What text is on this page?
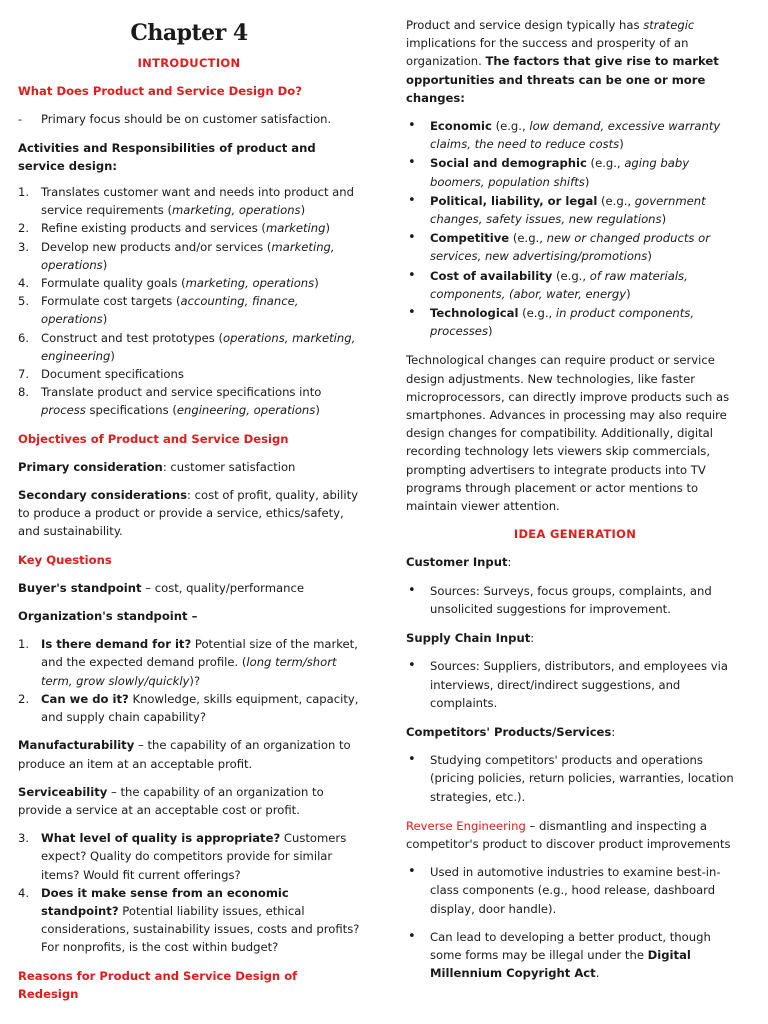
Chapter 4
INTRODUCTION

What Does Product and Service Design Do?

- Primary focus should be on customer satisfaction.

Activities and Responsibilities of product and service design:

1. Translates customer want and needs into product and service requirements (marketing, operations)
2. Refine existing products and services (marketing)
3. Develop new products and/or services (marketing, operations)
4. Formulate quality goals (marketing, operations)
5. Formulate cost targets (accounting, finance, operations)
6. Construct and test prototypes (operations, marketing, engineering)
7. Document specifications
8. Translate product and service specifications into process specifications (engineering, operations)

Objectives of Product and Service Design

Primary consideration: customer satisfaction

Secondary considerations: cost of profit, quality, ability to produce a product or provide a service, ethics/safety, and sustainability.

Key Questions

Buyer's standpoint – cost, quality/performance

Organization's standpoint –

1. Is there demand for it? Potential size of the market, and the expected demand profile. (long term/short term, grow slowly/quickly)?
2. Can we do it? Knowledge, skills equipment, capacity, and supply chain capability?

Manufacturability – the capability of an organization to produce an item at an acceptable profit.

Serviceability – the capability of an organization to provide a service at an acceptable cost or profit.

3. What level of quality is appropriate? Customers expect? Quality do competitors provide for similar items? Would fit current offerings?
4. Does it make sense from an economic standpoint? Potential liability issues, ethical considerations, sustainability issues, costs and profits? For nonprofits, is the cost within budget?

Reasons for Product and Service Design of Redesign

Product and service design typically has strategic implications for the success and prosperity of an organization. The factors that give rise to market opportunities and threats can be one or more changes:

• Economic (e.g., low demand, excessive warranty claims, the need to reduce costs)
• Social and demographic (e.g., aging baby boomers, population shifts)
• Political, liability, or legal (e.g., government changes, safety issues, new regulations)
• Competitive (e.g., new or changed products or services, new advertising/promotions)
• Cost of availability (e.g., of raw materials, components, (abor, water, energy)
• Technological (e.g., in product components, processes)

Technological changes can require product or service design adjustments. New technologies, like faster microprocessors, can directly improve products such as smartphones. Advances in processing may also require design changes for compatibility. Additionally, digital recording technology lets viewers skip commercials, prompting advertisers to integrate products into TV programs through placement or actor mentions to maintain viewer attention.

IDEA GENERATION

Customer Input:

• Sources: Surveys, focus groups, complaints, and unsolicited suggestions for improvement.

Supply Chain Input:

• Sources: Suppliers, distributors, and employees via interviews, direct/indirect suggestions, and complaints.

Competitors' Products/Services:

• Studying competitors' products and operations (pricing policies, return policies, warranties, location strategies, etc.).

Reverse Engineering – dismantling and inspecting a competitor's product to discover product improvements

• Used in automotive industries to examine best-in-class components (e.g., hood release, dashboard display, door handle).
• Can lead to developing a better product, though some forms may be illegal under the Digital Millennium Copyright Act.
